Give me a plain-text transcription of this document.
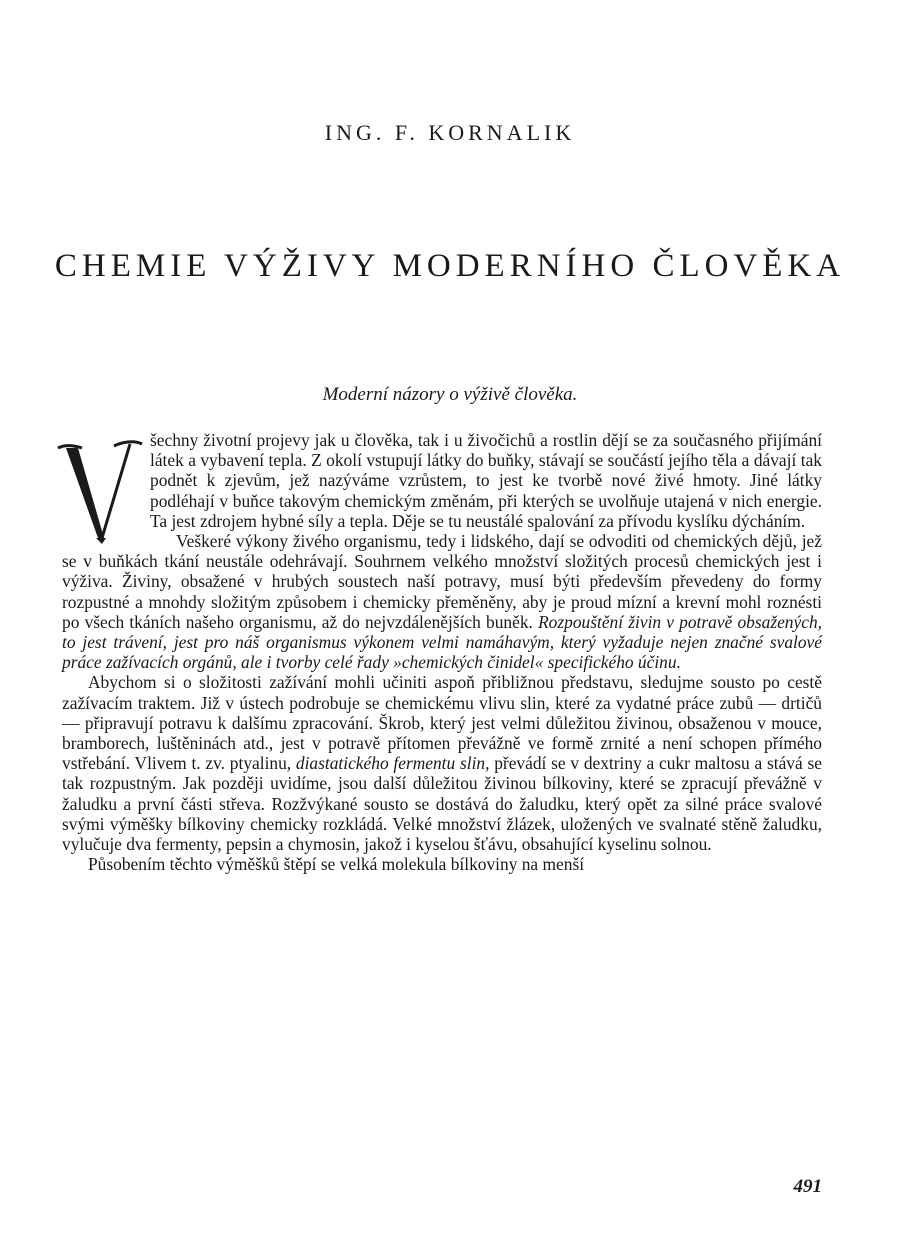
ING. F. KORNALIK
CHEMIE VÝŽIVY MODERNÍHO ČLOVĚKA
Moderní názory o výživě člověka.

šechny životní projevy jak u člověka, tak i u živočichů a rostlin dějí se za současného přijímání látek a vybavení tepla. Z okolí vstupují látky do buňky, stávají se součástí jejího těla a dávají tak podnět k zjevům, jež nazýváme vzrůstem, to jest ke tvorbě nové živé hmoty. Jiné látky podléhají v buňce takovým chemickým změnám, při kterých se uvolňuje utajená v nich energie. Ta jest zdrojem hybné síly a tepla. Děje se tu neustálé spalování za přívodu kyslíku dýcháním.

Veškeré výkony živého organismu, tedy i lidského, dají se odvoditi od chemických dějů, jež se v buňkách tkání neustále odehrávají. Souhrnem velkého množství složitých procesů chemických jest i výživa. Živiny, obsažené v hrubých soustech naší potravy, musí býti především převedeny do formy rozpustné a mnohdy složitým způsobem i chemicky přeměněny, aby je proud mízní a krevní mohl roznésti po všech tkáních našeho organismu, až do nejvzdálenějších buněk. Rozpouštění živin v potravě obsažených, to jest trávení, jest pro náš organismus výkonem velmi namáhavým, který vyžaduje nejen značné svalové práce zažívacích orgánů, ale i tvorby celé řady »chemických činidel« specifického účinu.

Abychom si o složitosti zažívání mohli učiniti aspoň přibližnou představu, sledujme sousto po cestě zažívacím traktem. Již v ústech podrobuje se chemickému vlivu slin, které za vydatné práce zubů — drtičů — připravují potravu k dalšímu zpracování. Škrob, který jest velmi důležitou živinou, obsaženou v mouce, bramborech, luštěninách atd., jest v potravě přítomen převážně ve formě zrnité a není schopen přímého vstřebání. Vlivem t. zv. ptyalinu, diastatického fermentu slin, převádí se v dextriny a cukr maltosu a stává se tak rozpustným. Jak později uvidíme, jsou další důležitou živinou bílkoviny, které se zpracují převážně v žaludku a první části střeva. Rozžvýkané sousto se dostává do žaludku, který opět za silné práce svalové svými výměšky bílkoviny chemicky rozkládá. Velké množství žlázek, uložených ve svalnaté stěně žaludku, vylučuje dva fermenty, pepsin a chymosin, jakož i kyselou šťávu, obsahující kyselinu solnou.

Působením těchto výměšků štěpí se velká molekula bílkoviny na menší

491
